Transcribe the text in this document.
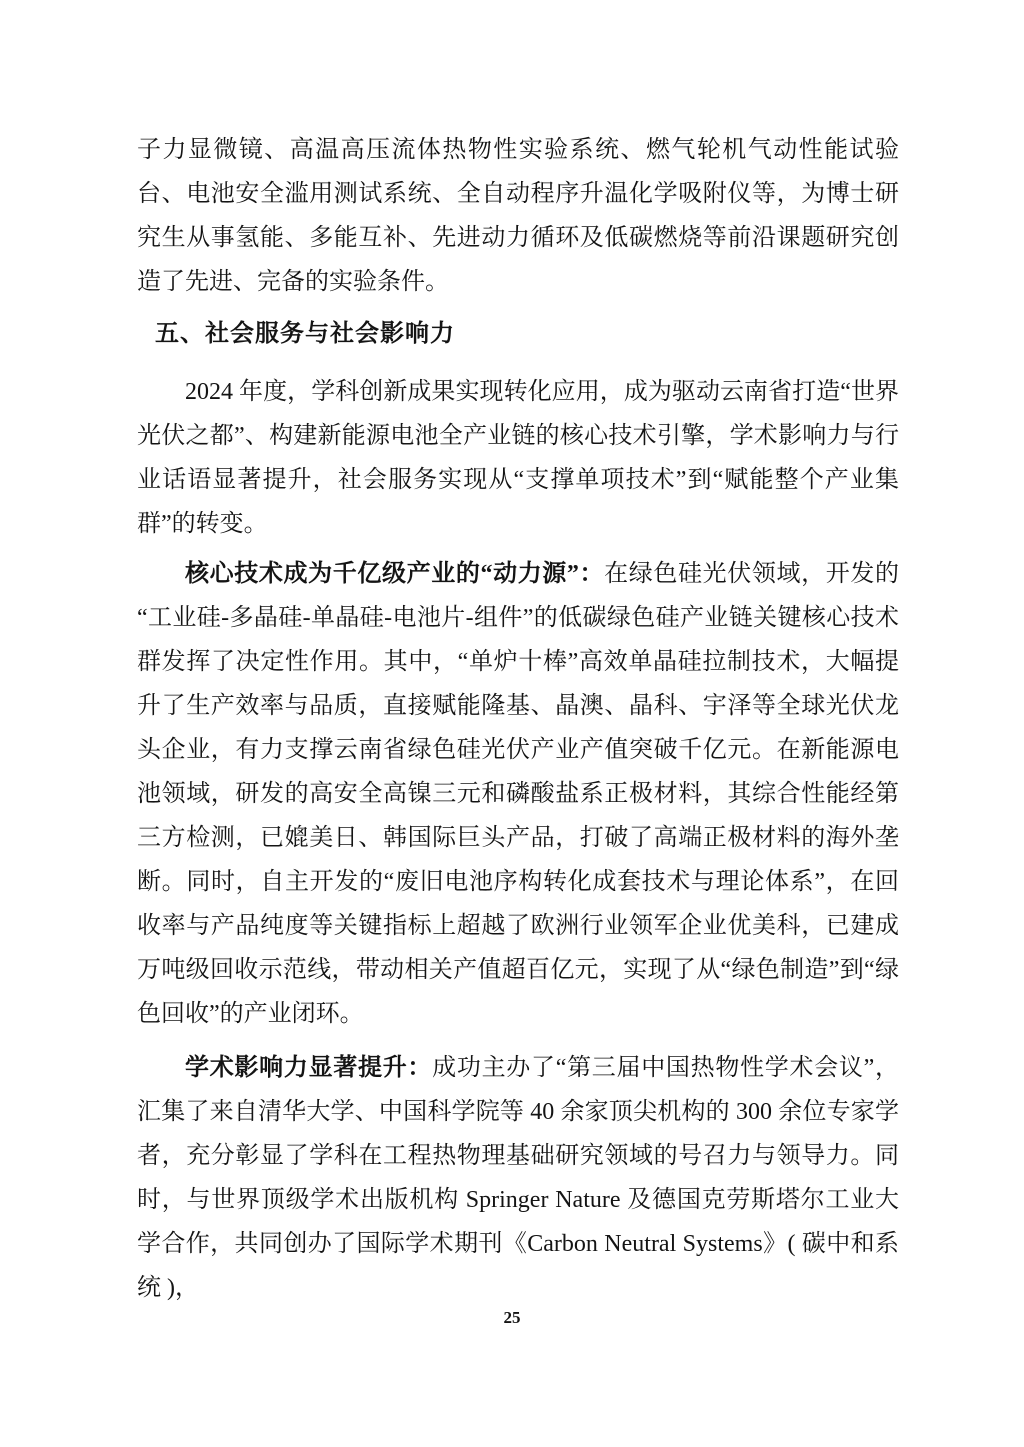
子力显微镜、高温高压流体热物性实验系统、燃气轮机气动性能试验台、电池安全滥用测试系统、全自动程序升温化学吸附仪等，为博士研究生从事氢能、多能互补、先进动力循环及低碳燃烧等前沿课题研究创造了先进、完备的实验条件。

五、社会服务与社会影响力

2024 年度，学科创新成果实现转化应用，成为驱动云南省打造“世界光伏之都”、构建新能源电池全产业链的核心技术引擎，学术影响力与行业话语显著提升，社会服务实现从“支撑单项技术”到“赋能整个产业集群”的转变。

核心技术成为千亿级产业的“动力源”：在绿色硅光伏领域，开发的“工业硅-多晶硅-单晶硅-电池片-组件”的低碳绿色硅产业链关键核心技术群发挥了决定性作用。其中，“单炉十棒”高效单晶硅拉制技术，大幅提升了生产效率与品质，直接赋能隆基、晶澳、晶科、宇泽等全球光伏龙头企业，有力支撑云南省绿色硅光伏产业产值突破千亿元。在新能源电池领域，研发的高安全高镍三元和磷酸盐系正极材料，其综合性能经第三方检测，已媲美日、韩国际巨头产品，打破了高端正极材料的海外垄断。同时，自主开发的“废旧电池序构转化成套技术与理论体系”，在回收率与产品纯度等关键指标上超越了欧洲行业领军企业优美科，已建成万吨级回收示范线，带动相关产值超百亿元，实现了从“绿色制造”到“绿色回收”的产业闭环。

学术影响力显著提升：成功主办了“第三届中国热物性学术会议”，汇集了来自清华大学、中国科学院等 40 余家顶尖机构的 300 余位专家学者，充分彰显了学科在工程热物理基础研究领域的号召力与领导力。同时，与世界顶级学术出版机构 Springer Nature 及德国克劳斯塔尔工业大学合作，共同创办了国际学术期刊《Carbon Neutral Systems》( 碳中和系统 )，

25
